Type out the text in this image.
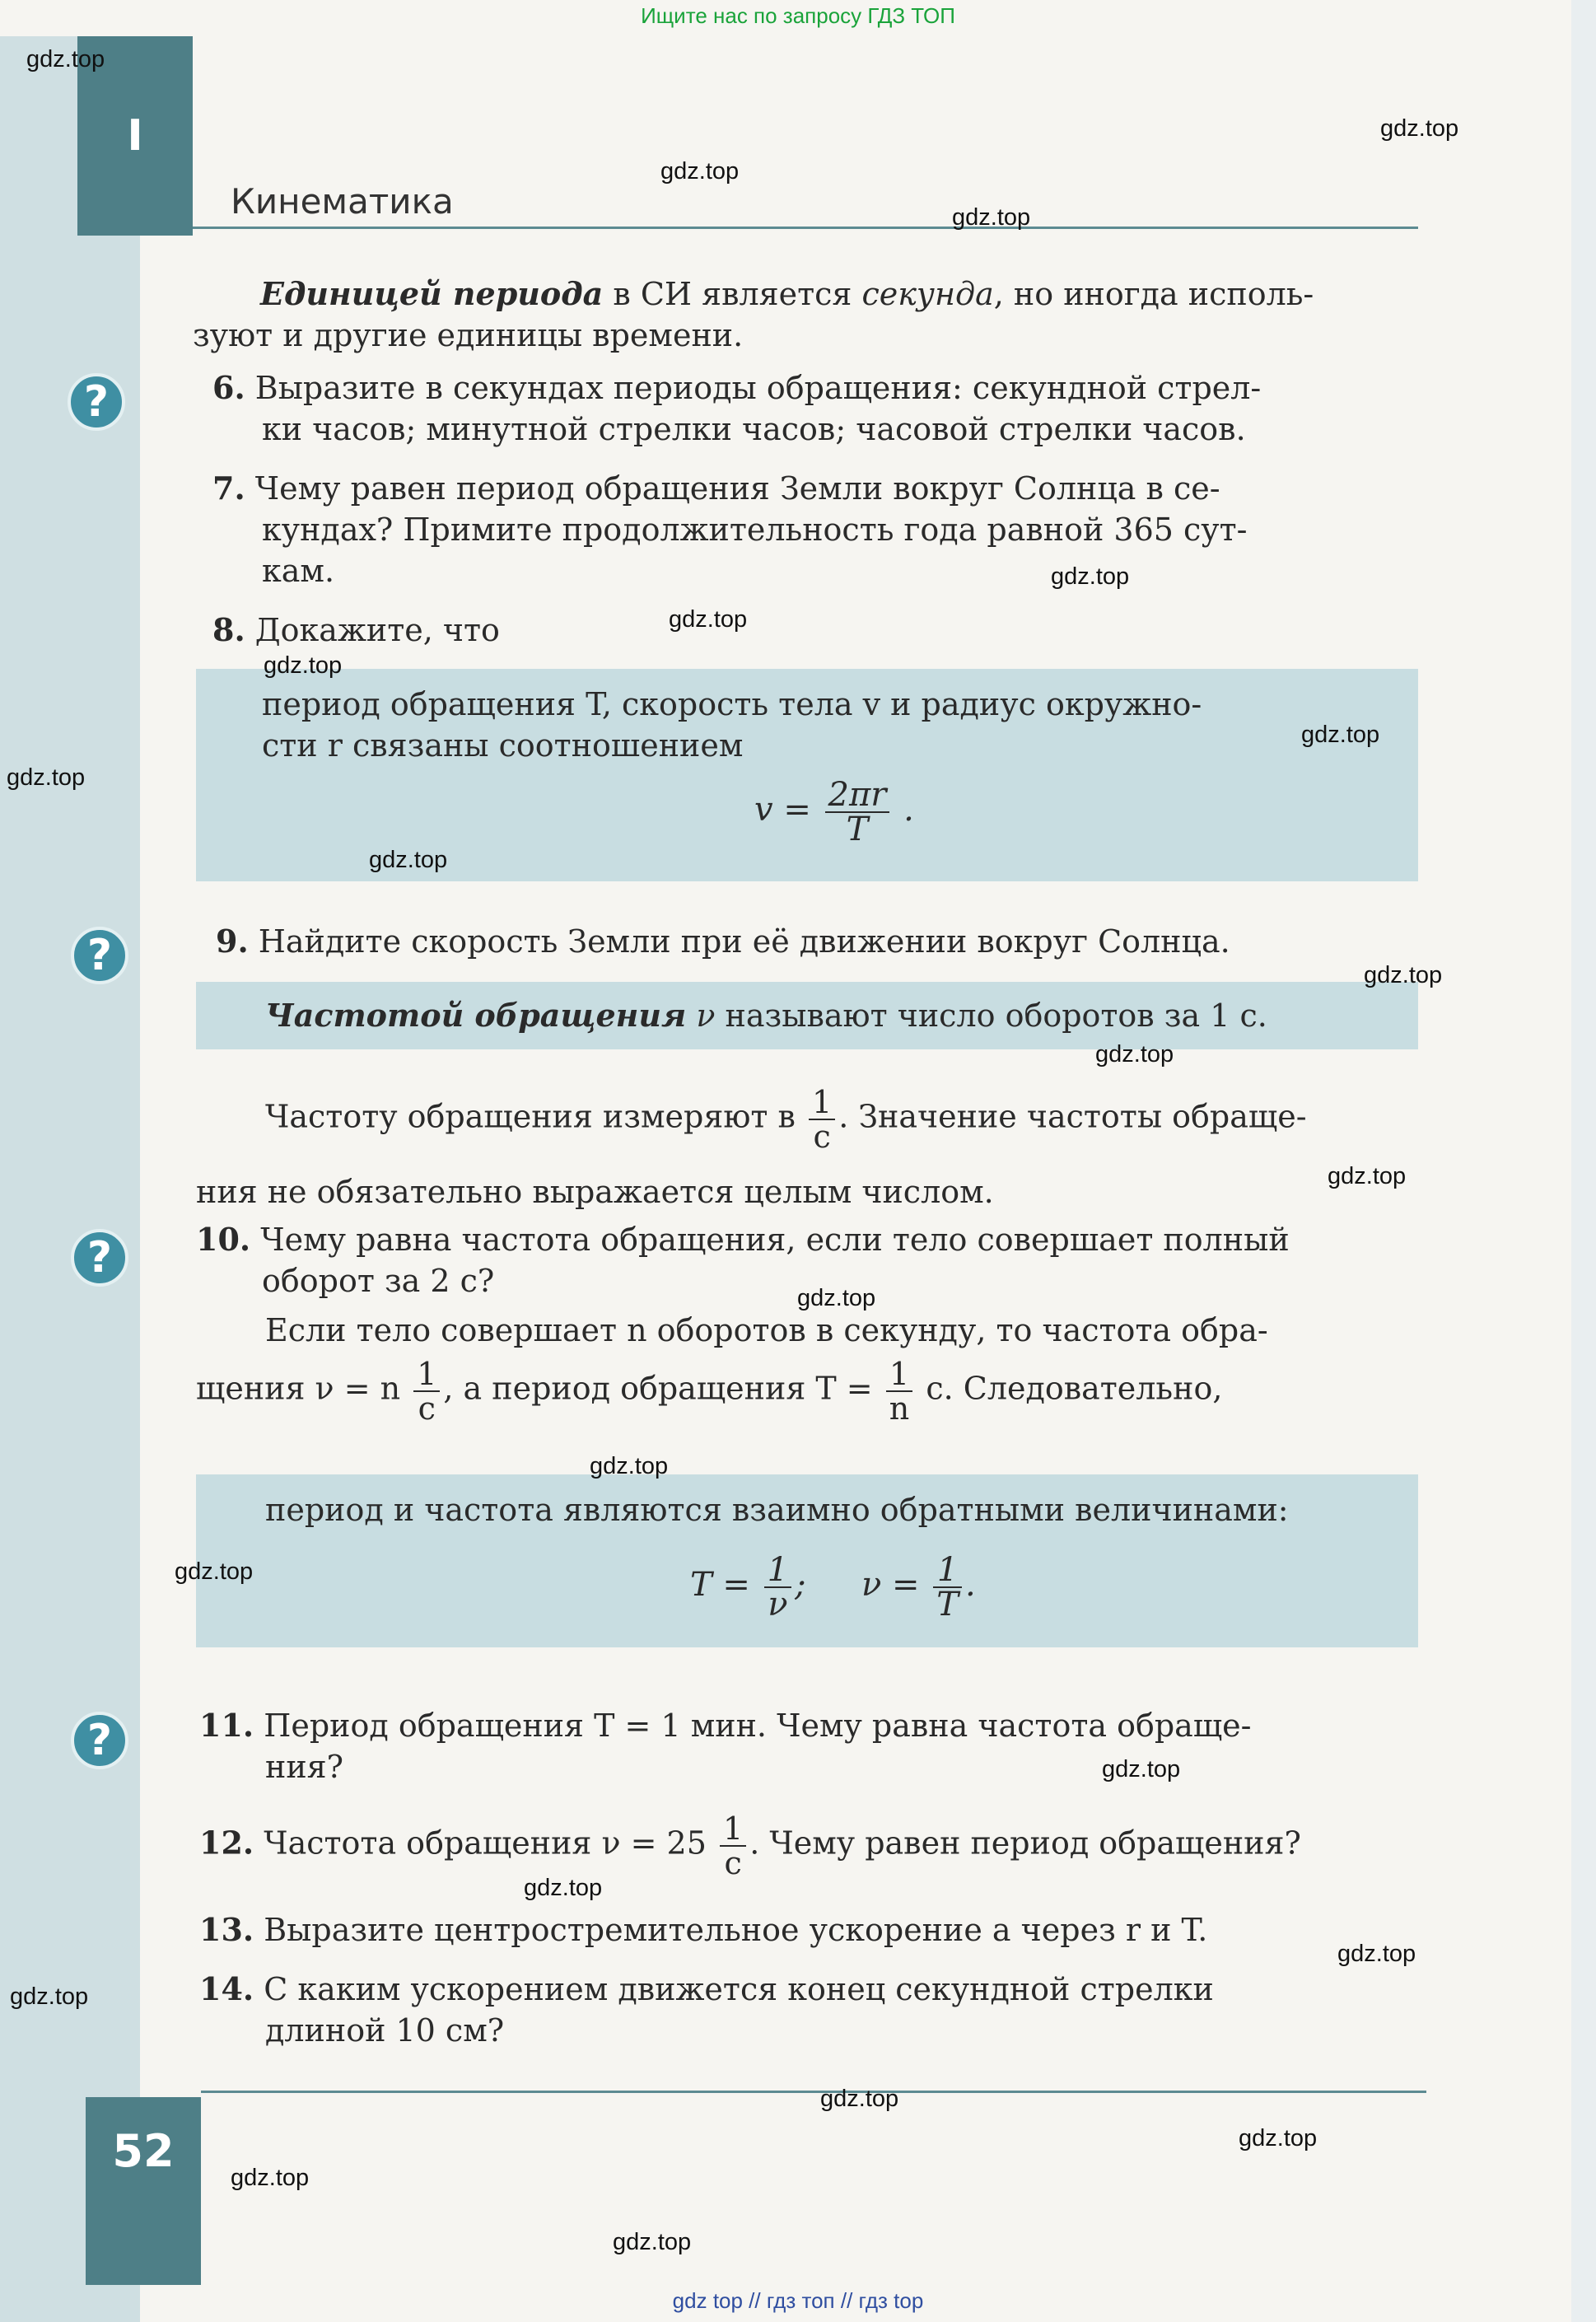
Ищите нас по запросу ГДЗ ТОП
I
Кинематика
Единицей периода в СИ является секунда, но иногда исполь-
зуют и другие единицы времени.
?	6. Выразите в секундах периоды обращения: секундной стрел-
ки часов; минутной стрелки часов; часовой стрелки часов.
7. Чему равен период обращения Земли вокруг Солнца в се-
кундах? Примите продолжительность года равной 365 сут-
кам.
8. Докажите, что
период обращения T, скорость тела v и радиус окружно-
сти r связаны соотношением
$v = \frac{2\pi r}{T}$ .
?	9. Найдите скорость Земли при её движении вокруг Солнца.
Частотой обращения ν называют число оборотов за 1 с.
Частоту обращения измеряют в $\frac{1}{с}$ . Значение частоты обраще-
ния не обязательно выражается целым числом.
?	10. Чему равна частота обращения, если тело совершает полный
оборот за 2 с?
Если тело совершает n оборотов в секунду, то частота обра-
щения ν = n $\frac{1}{с}$ , а период обращения $T = \frac{1}{n} с$. Следовательно,
период и частота являются взаимно обратными величинами:
$T = \frac{1}{\nu}$ ; $\nu = \frac{1}{T}$ .
?	11. Период обращения T = 1 мин. Чему равна частота обраще-
ния?
12. Частота обращения $\nu = 25 \frac{1}{с}$ . Чему равен период обращения?
13. Выразите центростремительное ускорение a через r и T.
14. С каким ускорением движется конец секундной стрелки
длиной 10 см?
52
gdz.top
gdz.top
gdz.top
gdz.top
gdz.top
gdz.top
gdz.top
gdz.top
gdz.top
gdz.top
gdz.top
gdz.top
gdz.top
gdz.top
gdz.top
gdz.top
gdz.top
gdz.top
gdz.top
gdz.top
gdz.top
gdz.top
gdz.top
gdz.top
gdz top // гдз топ // гдз top
